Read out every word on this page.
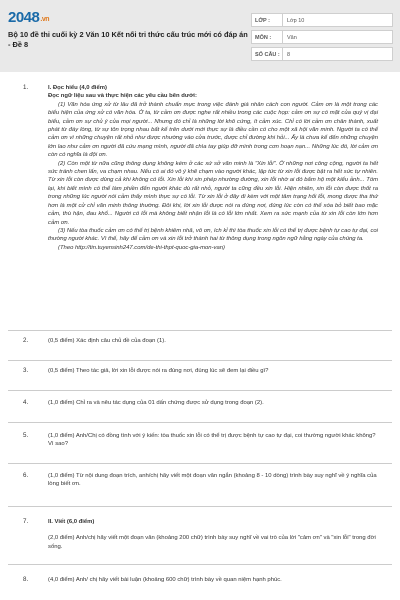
2048.vn
Bộ 10 đề thi cuối kỳ 2 Văn 10 Kết nối tri thức cấu trúc mới có đáp án - Đề 8
LỚP :	Lớp 10
MÔN :	Văn
SỐ CÂU :	8
1.	I. Đọc hiểu (4,0 điểm)
Đọc ngữ liệu sau và thực hiện các yêu cầu bên dưới:

(1) Văn hóa ứng xử từ lâu đã trở thành chuẩn mực trong việc đánh giá nhân cách con người. Cảm ơn là một trong các biểu hiện của ứng xử có văn hóa. Ở ta, từ cảm ơn được nghe rất nhiều trong các cuộc họp: cảm ơn sự có mặt của quý vị đại biểu, cảm ơn sự chủ ý của mọi người... Nhưng đó chỉ là những lời khô cứng, ít cảm xúc. Chỉ có lời cảm ơn chân thành, xuất phát từ đáy lòng, từ sự tôn trọng nhau bất kể trên dưới mới thực sự là điều cần có cho một xã hội văn minh. Người ta có thể cảm ơn vì những chuyện rất nhỏ như được nhường vào cửa trước, được chỉ đường khi hỏi... Ấy là chưa kể đến những chuyện lớn lao như cảm ơn người đã cứu mạng mình, người đã chìa tay giúp đỡ mình trong cơn hoạn nạn... Những lúc đó, lời cảm ơn còn có nghĩa là đội ơn.

(2) Còn một từ nữa cũng thông dụng không kém ở các xứ sở văn minh là "Xin lỗi". Ở những nơi công cộng, người ta hết sức tránh chen lấn, va chạm nhau. Nếu có ai đó vô ý khẽ chạm vào người khác, lập tức từ xin lỗi được bật ra hết sức tự nhiên. Từ xin lỗi còn được dùng cả khi không có lỗi. Xin lỗi khi xin phép nhường đường, xin lỗi nhờ ai đó bấm hộ một kiểu ảnh... Tóm lại, khi biết mình có thể làm phiền đến người khác dù rất nhỏ, người ta cũng đều xin lỗi. Hiện nhiên, xin lỗi còn được thốt ra trong những lúc người nói cảm thấy mình thực sự có lỗi. Từ xin lỗi ở đây đi kèm với một tâm trạng hối lỗi, mong được tha thứ hơn là một cử chỉ văn minh thông thường. Đôi khi, lời xin lỗi được nói ra đúng nơi, đúng lúc còn có thể xóa bỏ biết bao mặc cảm, thù hận, đau khổ... Người có lỗi mà không biết nhận lỗi là có lỗi lớn nhất. Xem ra sức mạnh của từ xin lỗi còn lớn hơn cảm ơn.

(3) Nếu tòa thuốc cảm ơn có thể trị bệnh khiêm nhã, vô ơn, ích kỉ thì tòa thuốc xin lỗi có thể trị được bệnh tự cao tự đại, coi thường người khác. Vì thế, hãy để cảm ơn và xin lỗi trở thành hai từ thông dụng trong ngôn ngữ hằng ngày của chúng ta.

(Theo http://tin.tuyensinh247.com/de-thi-thpt-quoc-gia-mon-van)

2.	(0,5 điểm) Xác định câu chủ đề của đoạn (1).
3.	(0,5 điểm) Theo tác giả, lời xin lỗi được nói ra đúng nơi, đúng lúc sẽ đem lại điều gì?
4.	(1,0 điểm) Chỉ ra và nêu tác dụng của 01 dấn chứng được sử dụng trong đoạn (2).
5.	(1,0 điểm) Anh/Chị có đồng tình với ý kiến: tòa thuốc xin lỗi có thể trị được bệnh tự cao tự đại, coi thường người khác không? Vì sao?
6.	(1,0 điểm) Từ nội dung đoạn trích, anh/chị hãy viết một đoạn văn ngắn (khoảng 8 - 10 dòng) trình bày suy nghĩ về ý nghĩa của lòng biết ơn.
7.	II. Viết (6,0 điểm)
(2,0 điểm) Anh/chị hãy viết một đoạn văn (khoảng 200 chữ) trình bày suy nghĩ về vai trò của lời "cảm ơn" và "xin lỗi" trong đời sống.
8.	(4,0 điểm) Anh/ chị hãy viết bài luận (khoảng 600 chữ) trình bày về quan niệm hạnh phúc.
